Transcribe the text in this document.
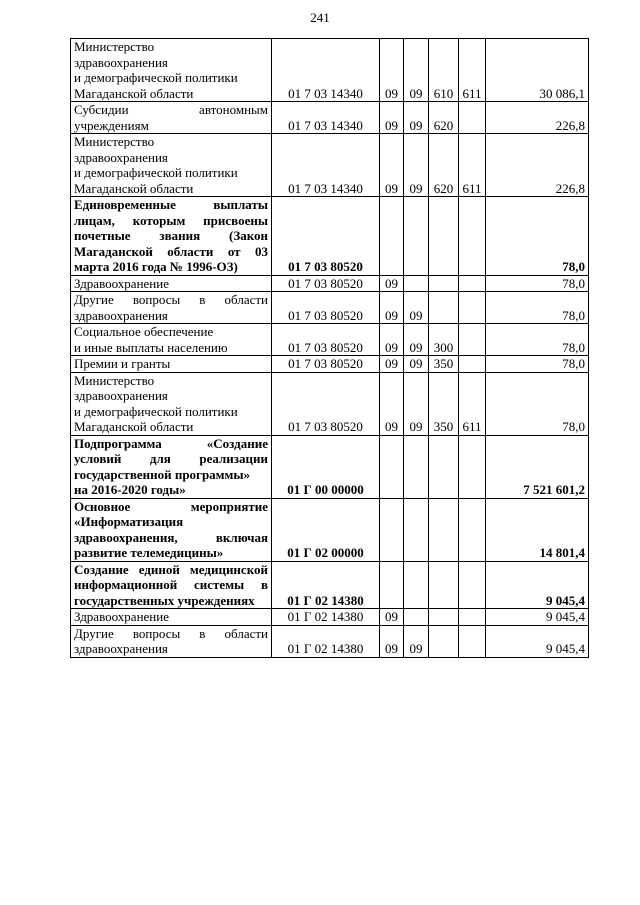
241
Министерство
здравоохранения
и демографической политики
Магаданской области	01 7 03 14340	09	09	610	611	30 086,1

Субсидии автономным учреждениям	01 7 03 14340	09	09	620		226,8

Министерство
здравоохранения
и демографической политики
Магаданской области	01 7 03 14340	09	09	620	611	226,8

Единовременные выплаты лицам, которым присвоены почетные звания (Закон Магаданской области от 03 марта 2016 года № 1996-ОЗ)	01 7 03 80520					78,0

Здравоохранение	01 7 03 80520	09				78,0

Другие вопросы в области здравоохранения	01 7 03 80520	09	09			78,0

Социальное обеспечение
и иные выплаты населению	01 7 03 80520	09	09	300		78,0

Премии и гранты	01 7 03 80520	09	09	350		78,0

Министерство
здравоохранения
и демографической политики
Магаданской области	01 7 03 80520	09	09	350	611	78,0

Подпрограмма «Создание условий для реализации государственной программы»
на 2016-2020 годы»	01 Г 00 00000					7 521 601,2

Основное мероприятие «Информатизация здравоохранения, включая развитие телемедицины»	01 Г 02 00000					14 801,4

Создание единой медицинской информационной системы в государственных учреждениях	01 Г 02 14380					9 045,4

Здравоохранение	01 Г 02 14380	09				9 045,4

Другие вопросы в области здравоохранения	01 Г 02 14380	09	09			9 045,4
